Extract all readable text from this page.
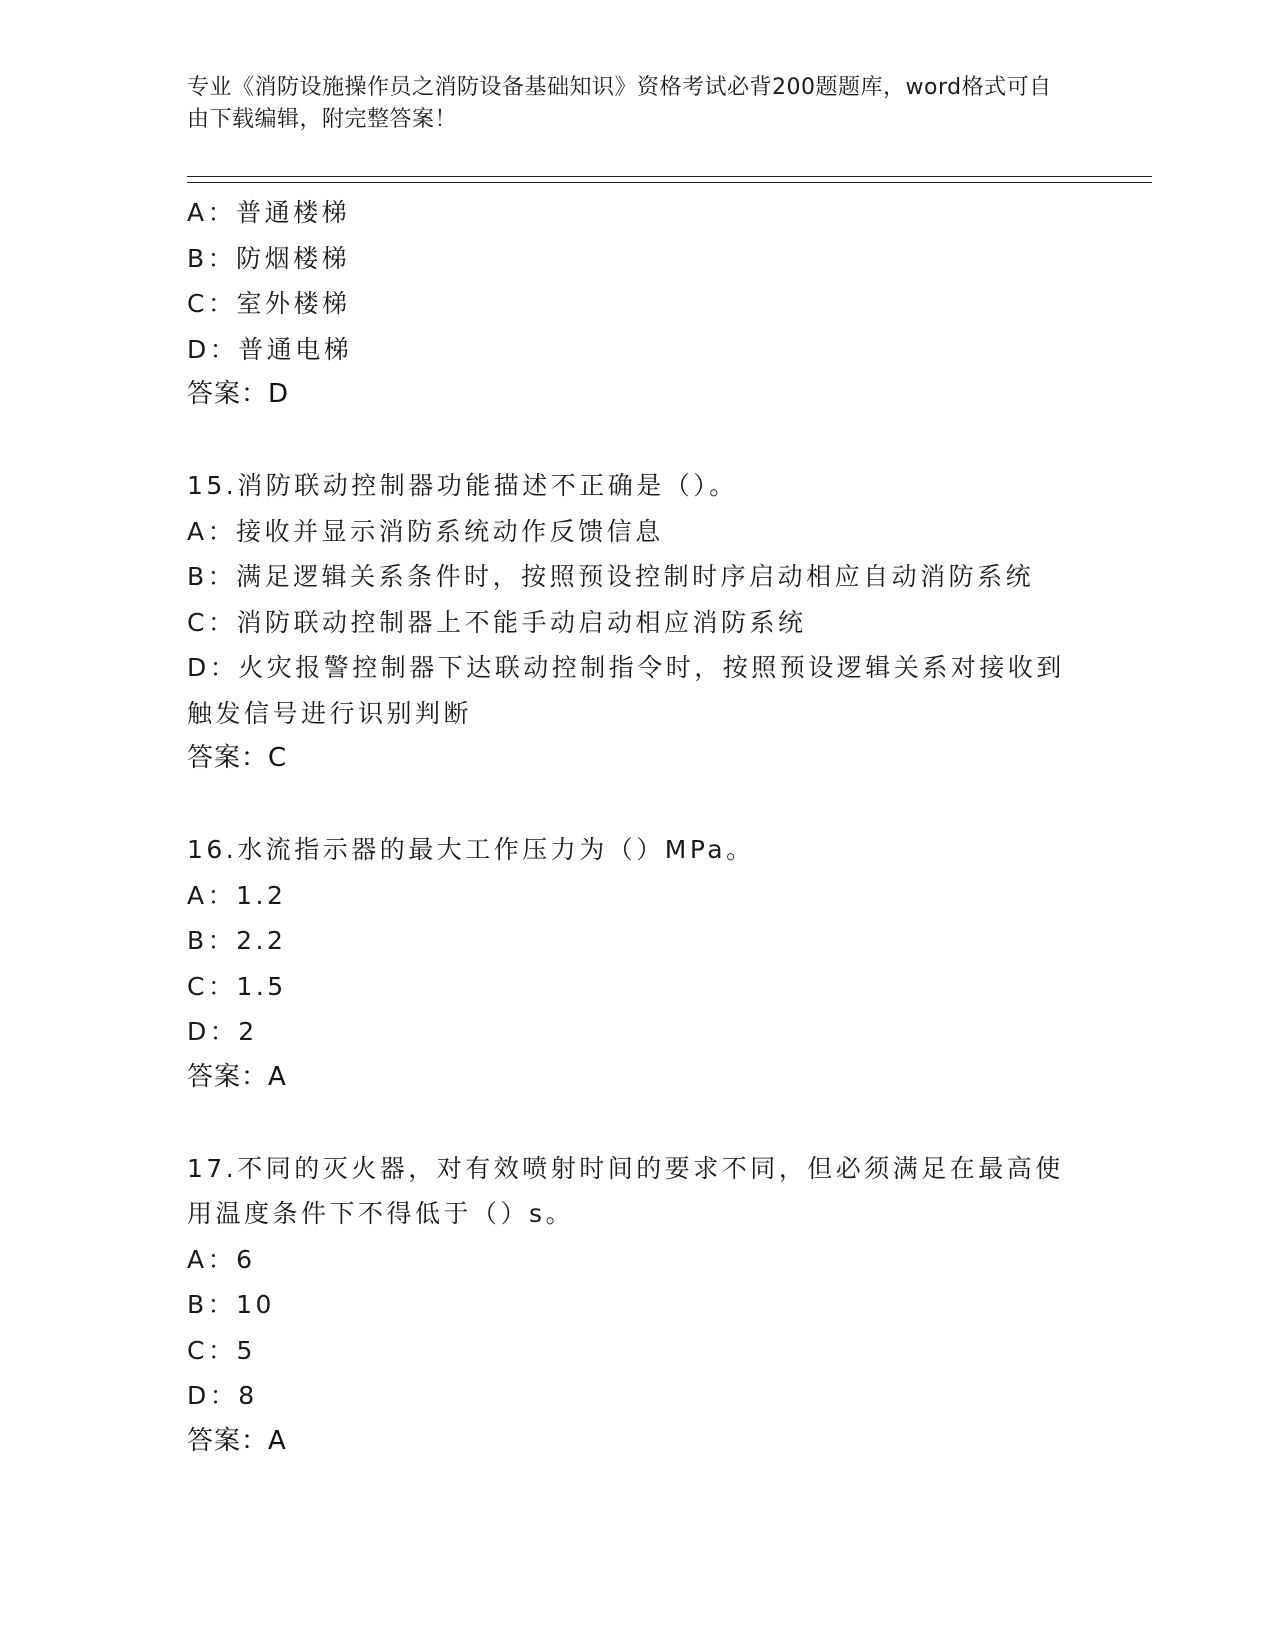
专业《消防设施操作员之消防设备基础知识》资格考试必背200题题库，word格式可自由下载编辑，附完整答案！
A：普通楼梯
B：防烟楼梯
C：室外楼梯
D：普通电梯
答案：D
15.消防联动控制器功能描述不正确是（）。
A：接收并显示消防系统动作反馈信息
B：满足逻辑关系条件时，按照预设控制时序启动相应自动消防系统
C：消防联动控制器上不能手动启动相应消防系统
D：火灾报警控制器下达联动控制指令时，按照预设逻辑关系对接收到
触发信号进行识别判断
答案：C
16.水流指示器的最大工作压力为（）MPa。
A：1.2
B：2.2
C：1.5
D：2
答案：A
17.不同的灭火器，对有效喷射时间的要求不同，但必须满足在最高使
用温度条件下不得低于（）s。
A：6
B：10
C：5
D：8
答案：A
